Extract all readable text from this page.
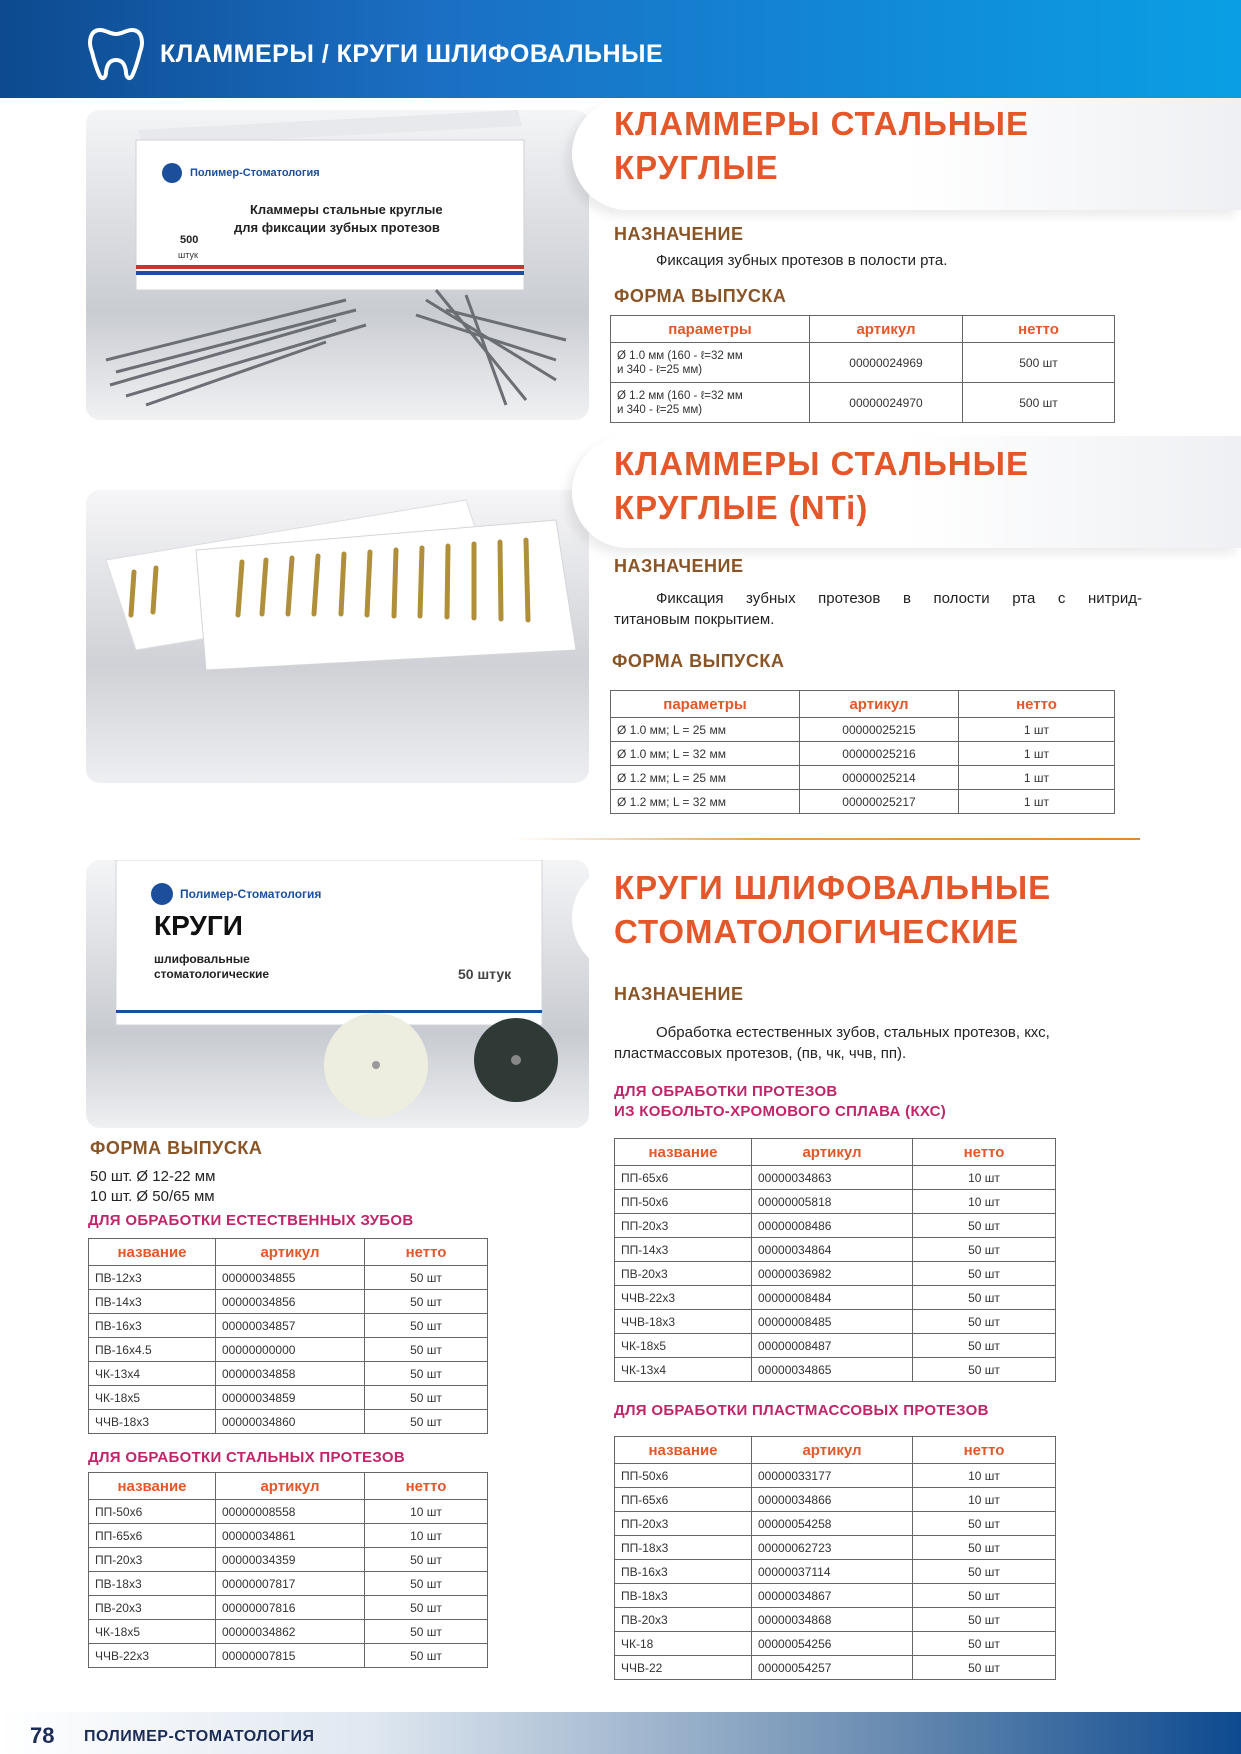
КЛАММЕРЫ / КРУГИ ШЛИФОВАЛЬНЫЕ
Полимер-Стоматология
Кламмеры стальные круглые
для фиксации зубных протезов
500
штук
Полимер-Стоматология
КРУГИ
шлифовальные
стоматологические	50 штук
КЛАММЕРЫ СТАЛЬНЫЕ
КРУГЛЫЕ
НАЗНАЧЕНИЕ
Фиксация зубных протезов в полости рта.
ФОРМА ВЫПУСКА
параметры	артикул	нетто
Ø 1.0 мм (160 - ℓ=32 мм
и 340 - ℓ=25 мм)	00000024969	500 шт
Ø 1.2 мм (160 - ℓ=32 мм
и 340 - ℓ=25 мм)	00000024970	500 шт
КЛАММЕРЫ СТАЛЬНЫЕ
КРУГЛЫЕ (NTi)
НАЗНАЧЕНИЕ
Фиксация зубных протезов в полости рта с нитрид-
титановым покрытием.
ФОРМА ВЫПУСКА
параметры	артикул	нетто
Ø 1.0 мм; L = 25 мм	00000025215	1 шт
Ø 1.0 мм; L = 32 мм	00000025216	1 шт
Ø 1.2 мм; L = 25 мм	00000025214	1 шт
Ø 1.2 мм; L = 32 мм	00000025217	1 шт
КРУГИ ШЛИФОВАЛЬНЫЕ
СТОМАТОЛОГИЧЕСКИЕ
НАЗНАЧЕНИЕ
Обработка естественных зубов, стальных протезов, кхс,
пластмассовых протезов, (пв, чк, ччв, пп).
ФОРМА ВЫПУСКА
50 шт. Ø 12-22 мм
10 шт. Ø 50/65 мм
ДЛЯ ОБРАБОТКИ ЕСТЕСТВЕННЫХ ЗУБОВ
название	артикул	нетто
ПВ-12х3	00000034855	50 шт
ПВ-14х3	00000034856	50 шт
ПВ-16х3	00000034857	50 шт
ПВ-16х4.5	00000000000	50 шт
ЧК-13х4	00000034858	50 шт
ЧК-18х5	00000034859	50 шт
ЧЧВ-18х3	00000034860	50 шт
ДЛЯ ОБРАБОТКИ СТАЛЬНЫХ ПРОТЕЗОВ
название	артикул	нетто
ПП-50х6	00000008558	10 шт
ПП-65х6	00000034861	10 шт
ПП-20х3	00000034359	50 шт
ПВ-18х3	00000007817	50 шт
ПВ-20х3	00000007816	50 шт
ЧК-18х5	00000034862	50 шт
ЧЧВ-22х3	00000007815	50 шт
ДЛЯ ОБРАБОТКИ ПРОТЕЗОВ
ИЗ КОБОЛЬТО-ХРОМОВОГО СПЛАВА (КХС)
название	артикул	нетто
ПП-65х6	00000034863	10 шт
ПП-50х6	00000005818	10 шт
ПП-20х3	00000008486	50 шт
ПП-14х3	00000034864	50 шт
ПВ-20х3	00000036982	50 шт
ЧЧВ-22х3	00000008484	50 шт
ЧЧВ-18х3	00000008485	50 шт
ЧК-18х5	00000008487	50 шт
ЧК-13х4	00000034865	50 шт
ДЛЯ ОБРАБОТКИ ПЛАСТМАССОВЫХ ПРОТЕЗОВ
название	артикул	нетто
ПП-50х6	00000033177	10 шт
ПП-65х6	00000034866	10 шт
ПП-20х3	00000054258	50 шт
ПП-18х3	00000062723	50 шт
ПВ-16х3	00000037114	50 шт
ПВ-18х3	00000034867	50 шт
ПВ-20х3	00000034868	50 шт
ЧК-18	00000054256	50 шт
ЧЧВ-22	00000054257	50 шт
78 ПОЛИМЕР-СТОМАТОЛОГИЯ
